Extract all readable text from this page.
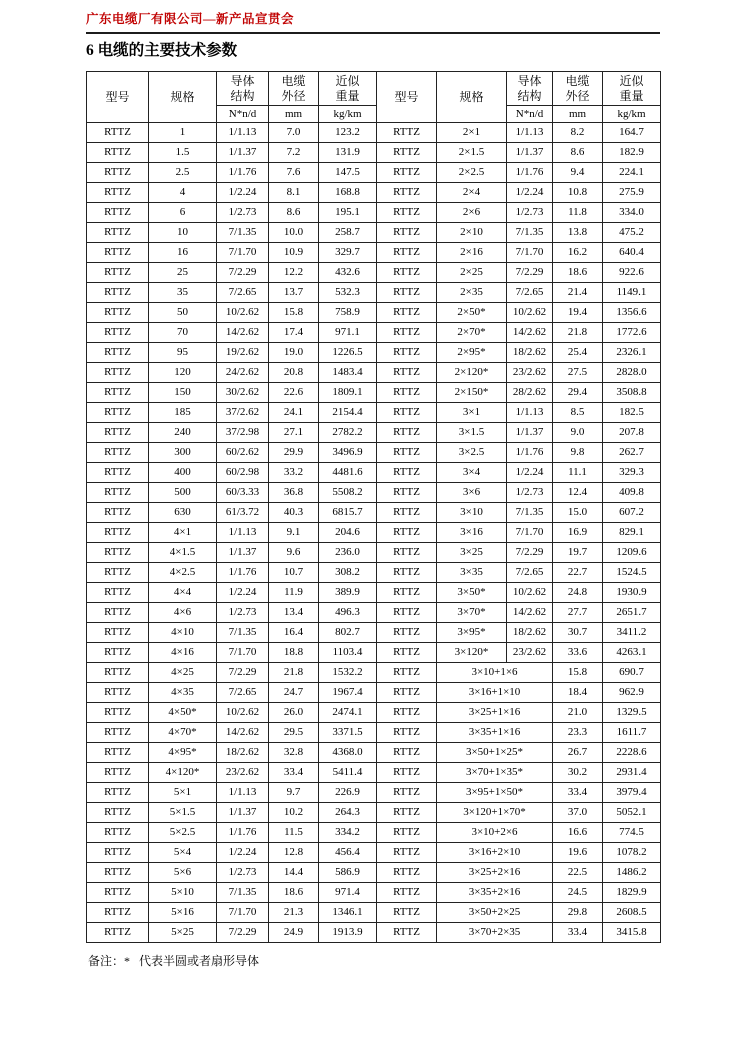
广东电缆厂有限公司—新产品宣贯会
6 电缆的主要技术参数
型号	规格	导体结构	电缆外径	近似重量	型号	规格	导体结构	电缆外径	近似重量
		N*n/d	mm	kg/km			N*n/d	mm	kg/km
RTTZ	1	1/1.13	7.0	123.2	RTTZ	2×1	1/1.13	8.2	164.7
RTTZ	1.5	1/1.37	7.2	131.9	RTTZ	2×1.5	1/1.37	8.6	182.9
RTTZ	2.5	1/1.76	7.6	147.5	RTTZ	2×2.5	1/1.76	9.4	224.1
RTTZ	4	1/2.24	8.1	168.8	RTTZ	2×4	1/2.24	10.8	275.9
RTTZ	6	1/2.73	8.6	195.1	RTTZ	2×6	1/2.73	11.8	334.0
RTTZ	10	7/1.35	10.0	258.7	RTTZ	2×10	7/1.35	13.8	475.2
RTTZ	16	7/1.70	10.9	329.7	RTTZ	2×16	7/1.70	16.2	640.4
RTTZ	25	7/2.29	12.2	432.6	RTTZ	2×25	7/2.29	18.6	922.6
RTTZ	35	7/2.65	13.7	532.3	RTTZ	2×35	7/2.65	21.4	1149.1
RTTZ	50	10/2.62	15.8	758.9	RTTZ	2×50*	10/2.62	19.4	1356.6
RTTZ	70	14/2.62	17.4	971.1	RTTZ	2×70*	14/2.62	21.8	1772.6
RTTZ	95	19/2.62	19.0	1226.5	RTTZ	2×95*	18/2.62	25.4	2326.1
RTTZ	120	24/2.62	20.8	1483.4	RTTZ	2×120*	23/2.62	27.5	2828.0
RTTZ	150	30/2.62	22.6	1809.1	RTTZ	2×150*	28/2.62	29.4	3508.8
RTTZ	185	37/2.62	24.1	2154.4	RTTZ	3×1	1/1.13	8.5	182.5
RTTZ	240	37/2.98	27.1	2782.2	RTTZ	3×1.5	1/1.37	9.0	207.8
RTTZ	300	60/2.62	29.9	3496.9	RTTZ	3×2.5	1/1.76	9.8	262.7
RTTZ	400	60/2.98	33.2	4481.6	RTTZ	3×4	1/2.24	11.1	329.3
RTTZ	500	60/3.33	36.8	5508.2	RTTZ	3×6	1/2.73	12.4	409.8
RTTZ	630	61/3.72	40.3	6815.7	RTTZ	3×10	7/1.35	15.0	607.2
RTTZ	4×1	1/1.13	9.1	204.6	RTTZ	3×16	7/1.70	16.9	829.1
RTTZ	4×1.5	1/1.37	9.6	236.0	RTTZ	3×25	7/2.29	19.7	1209.6
RTTZ	4×2.5	1/1.76	10.7	308.2	RTTZ	3×35	7/2.65	22.7	1524.5
RTTZ	4×4	1/2.24	11.9	389.9	RTTZ	3×50*	10/2.62	24.8	1930.9
RTTZ	4×6	1/2.73	13.4	496.3	RTTZ	3×70*	14/2.62	27.7	2651.7
RTTZ	4×10	7/1.35	16.4	802.7	RTTZ	3×95*	18/2.62	30.7	3411.2
RTTZ	4×16	7/1.70	18.8	1103.4	RTTZ	3×120*	23/2.62	33.6	4263.1
RTTZ	4×25	7/2.29	21.8	1532.2	RTTZ	3×10+1×6		15.8	690.7
RTTZ	4×35	7/2.65	24.7	1967.4	RTTZ	3×16+1×10		18.4	962.9
RTTZ	4×50*	10/2.62	26.0	2474.1	RTTZ	3×25+1×16		21.0	1329.5
RTTZ	4×70*	14/2.62	29.5	3371.5	RTTZ	3×35+1×16		23.3	1611.7
RTTZ	4×95*	18/2.62	32.8	4368.0	RTTZ	3×50+1×25*		26.7	2228.6
RTTZ	4×120*	23/2.62	33.4	5411.4	RTTZ	3×70+1×35*		30.2	2931.4
RTTZ	5×1	1/1.13	9.7	226.9	RTTZ	3×95+1×50*		33.4	3979.4
RTTZ	5×1.5	1/1.37	10.2	264.3	RTTZ	3×120+1×70*		37.0	5052.1
RTTZ	5×2.5	1/1.76	11.5	334.2	RTTZ	3×10+2×6		16.6	774.5
RTTZ	5×4	1/2.24	12.8	456.4	RTTZ	3×16+2×10		19.6	1078.2
RTTZ	5×6	1/2.73	14.4	586.9	RTTZ	3×25+2×16		22.5	1486.2
RTTZ	5×10	7/1.35	18.6	971.4	RTTZ	3×35+2×16		24.5	1829.9
RTTZ	5×16	7/1.70	21.3	1346.1	RTTZ	3×50+2×25		29.8	2608.5
RTTZ	5×25	7/2.29	24.9	1913.9	RTTZ	3×70+2×35		33.4	3415.8
备注：*   代表半圆或者扇形导体
